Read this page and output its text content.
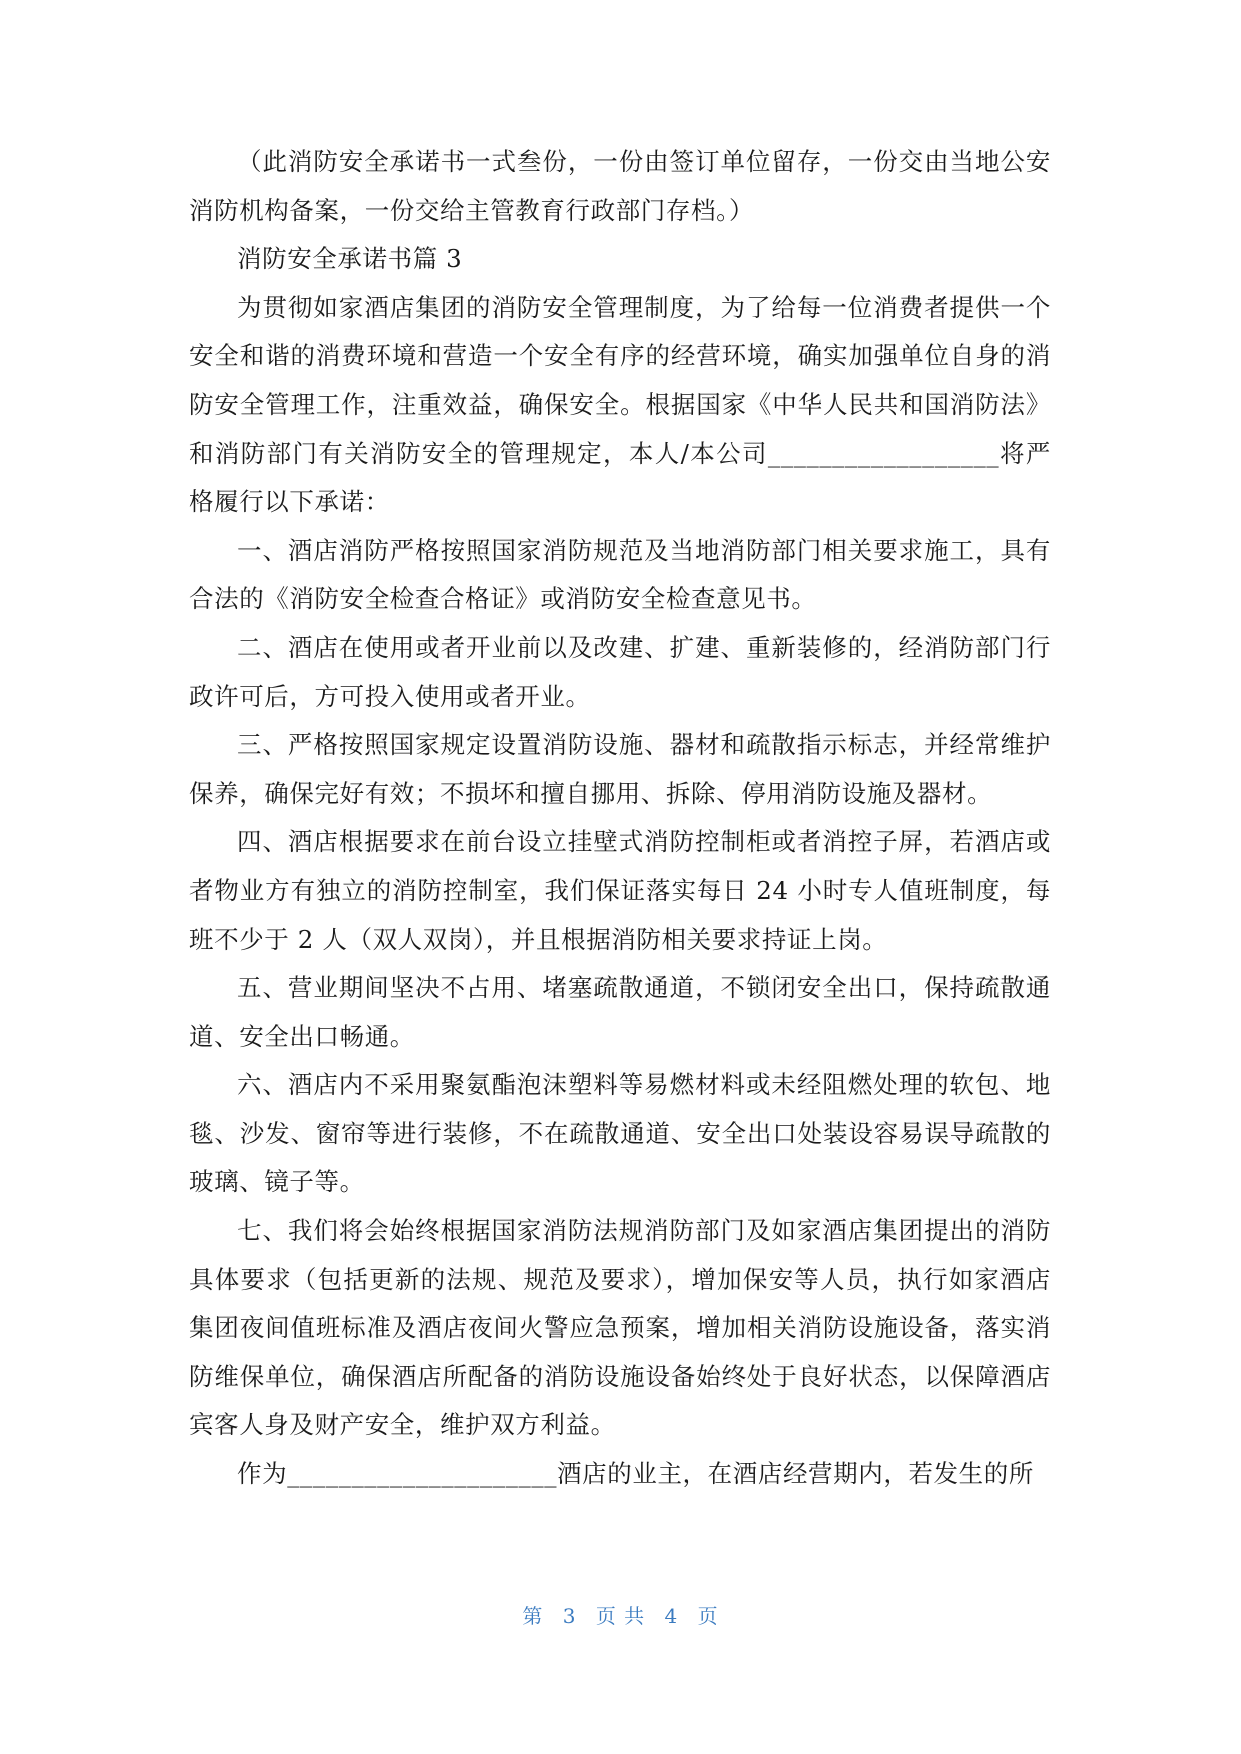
（此消防安全承诺书一式叁份，一份由签订单位留存，一份交由当地公安消防机构备案，一份交给主管教育行政部门存档。）

消防安全承诺书篇 3

为贯彻如家酒店集团的消防安全管理制度，为了给每一位消费者提供一个安全和谐的消费环境和营造一个安全有序的经营环境，确实加强单位自身的消防安全管理工作，注重效益，确保安全。根据国家《中华人民共和国消防法》和消防部门有关消防安全的管理规定，本人/本公司__________________将严格履行以下承诺：

一、酒店消防严格按照国家消防规范及当地消防部门相关要求施工，具有合法的《消防安全检查合格证》或消防安全检查意见书。

二、酒店在使用或者开业前以及改建、扩建、重新装修的，经消防部门行政许可后，方可投入使用或者开业。

三、严格按照国家规定设置消防设施、器材和疏散指示标志，并经常维护保养，确保完好有效；不损坏和擅自挪用、拆除、停用消防设施及器材。

四、酒店根据要求在前台设立挂壁式消防控制柜或者消控子屏，若酒店或者物业方有独立的消防控制室，我们保证落实每日 24 小时专人值班制度，每班不少于 2 人（双人双岗），并且根据消防相关要求持证上岗。

五、营业期间坚决不占用、堵塞疏散通道，不锁闭安全出口，保持疏散通道、安全出口畅通。

六、酒店内不采用聚氨酯泡沫塑料等易燃材料或未经阻燃处理的软包、地毯、沙发、窗帘等进行装修，不在疏散通道、安全出口处装设容易误导疏散的玻璃、镜子等。

七、我们将会始终根据国家消防法规消防部门及如家酒店集团提出的消防具体要求（包括更新的法规、规范及要求），增加保安等人员，执行如家酒店集团夜间值班标准及酒店夜间火警应急预案，增加相关消防设施设备，落实消防维保单位，确保酒店所配备的消防设施设备始终处于良好状态，以保障酒店宾客人身及财产安全，维护双方利益。

作为_____________________酒店的业主，在酒店经营期内，若发生的所

第 3 页 共 4 页
